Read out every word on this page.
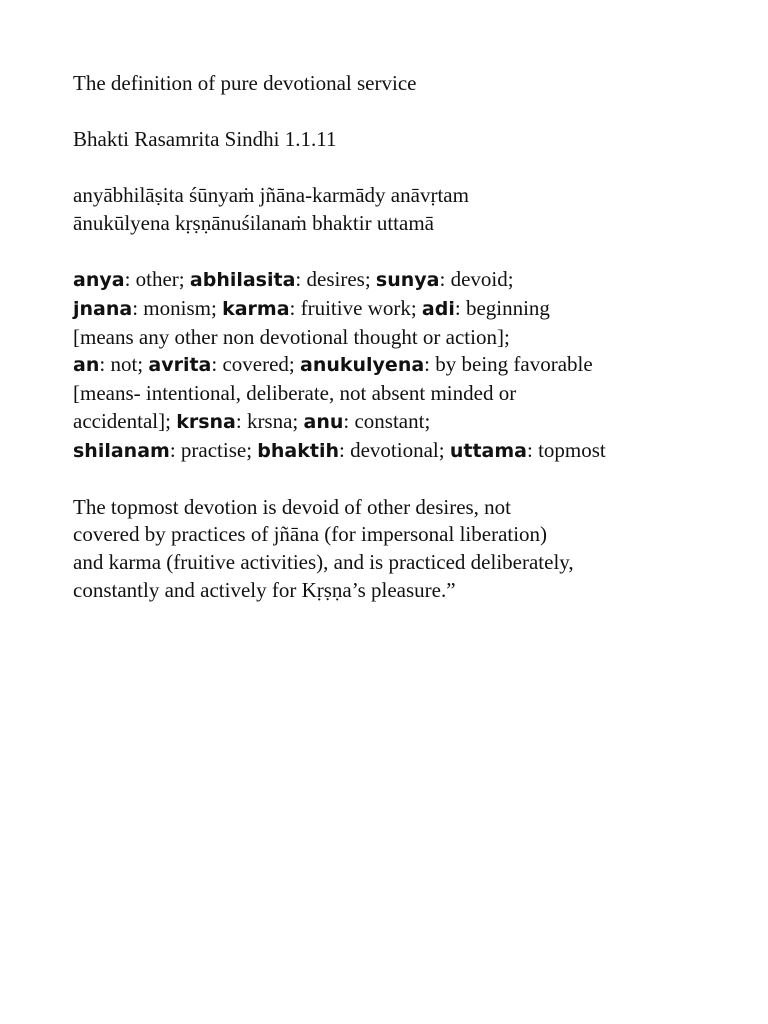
The definition of pure devotional service

Bhakti Rasamrita Sindhi 1.1.11

anyābhilāṣita śūnyaṁ jñāna-karmādy anāvṛtam
ānukūlyena kṛṣṇānuśilanaṁ bhaktir uttamā

anya: other; abhilasita: desires; sunya: devoid;
jnana: monism; karma: fruitive work; adi: beginning
[means any other non devotional thought or action];
an: not; avrita: covered; anukulyena: by being favorable
[means- intentional, deliberate, not absent minded or
accidental]; krsna: krsna; anu: constant;
shilanam: practise; bhaktih: devotional; uttama: topmost

The topmost devotion is devoid of other desires, not
covered by practices of jñāna (for impersonal liberation)
and karma (fruitive activities), and is practiced deliberately,
constantly and actively for Kṛṣṇa’s pleasure.”
